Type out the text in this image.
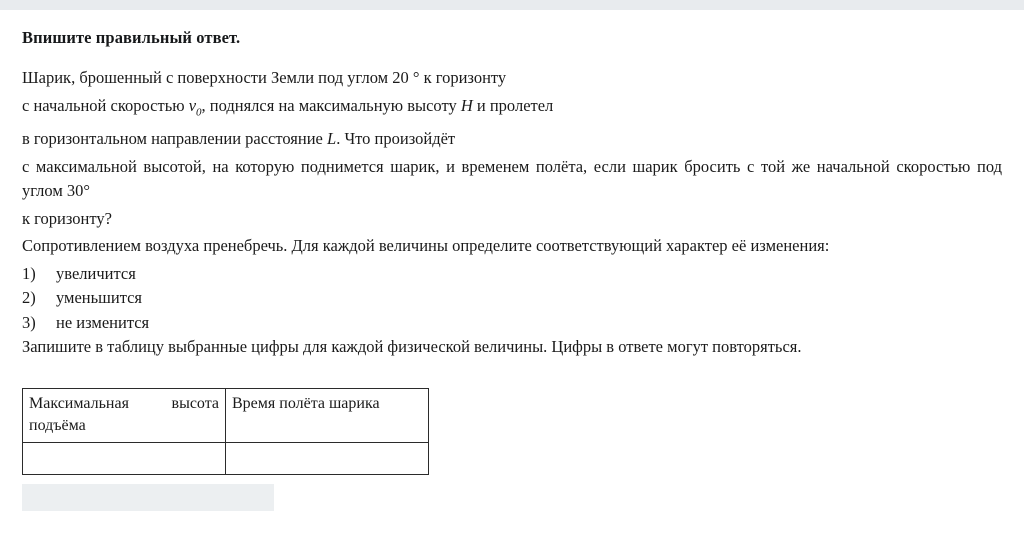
Впишите правильный ответ.
Шарик, брошенный с поверхности Земли под углом 20 ° к горизонту
с начальной скоростью $v_0$, поднялся на максимальную высоту H и пролетел
в горизонтальном направлении расстояние L. Что произойдёт
с максимальной высотой, на которую поднимется шарик, и временем полёта, если шарик бросить с той же начальной скоростью под углом 30°
к горизонту?
Сопротивлением воздуха пренебречь. Для каждой величины определите соответствующий характер её изменения:
1)	увеличится
2)	уменьшится
3)	не изменится
Запишите в таблицу выбранные цифры для каждой физической величины. Цифры в ответе могут повторяться.
Максимальная высота
подъёма	Время полёта шарика
